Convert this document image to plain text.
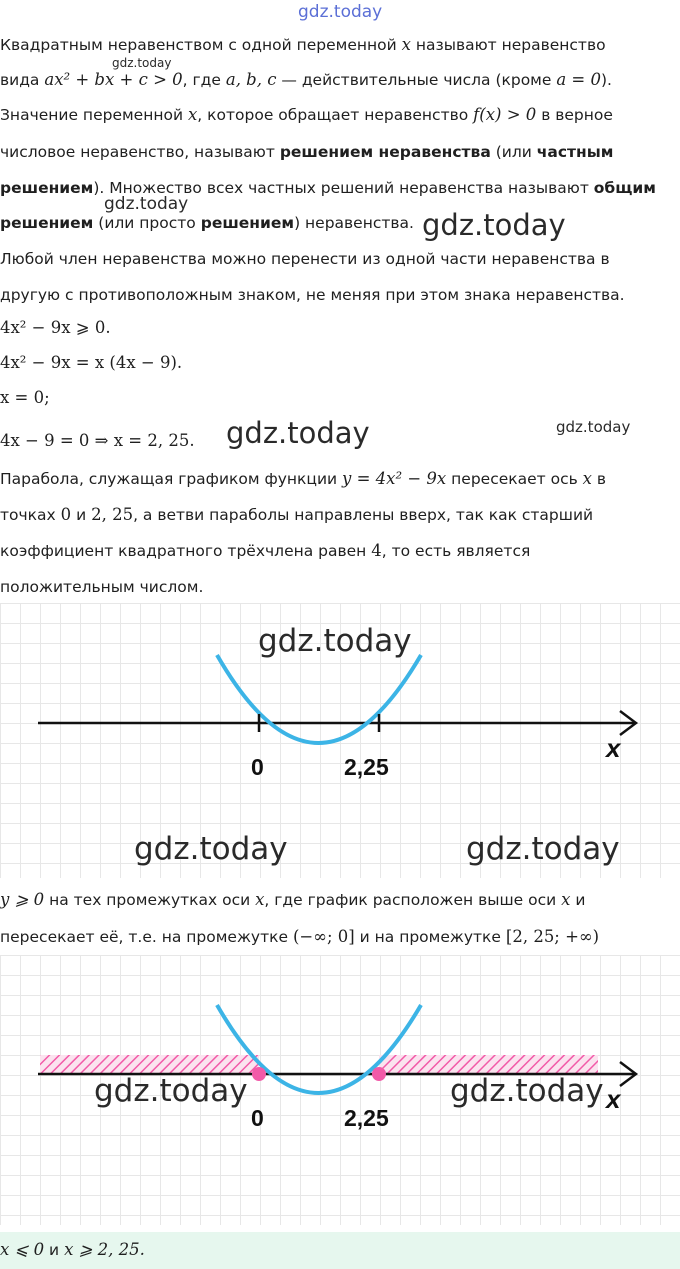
gdz.today
Квадратным неравенством с одной переменной x называют неравенство
вида ax² + bx + c > 0, где a, b, c — действительные числа (кроме a = 0).
gdz.today
Значение переменной x, которое обращает неравенство f(x) > 0 в верное
числовое неравенство, называют решением неравенства (или частным
решением). Множество всех частных решений неравенства называют общим
gdz.today
решением (или просто решением) неравенства. gdz.today
Любой член неравенства можно перенести из одной части неравенства в
другую с противоположным знаком, не меняя при этом знака неравенства.
4x² − 9x ⩾ 0.
4x² − 9x = x (4x − 9).
x = 0;
4x − 9 = 0 ⇒ x = 2, 25. gdz.today	gdz.today
Парабола, служащая графиком функции y = 4x² − 9x пересекает ось x в
точках 0 и 2, 25, а ветви параболы направлены вверх, так как старший
коэффициент квадратного трёхчлена равен 4, то есть является
положительным числом.
0	2,25
x
gdz.today
gdz.today	gdz.today
y ⩾ 0 на тех промежутках оси x, где график расположен выше оси x и
пересекает её, т.е. на промежутке (−∞; 0] и на промежутке [2, 25; +∞)
0	2,25
x
gdz.today	gdz.today
x ⩽ 0 и x ⩾ 2, 25.
